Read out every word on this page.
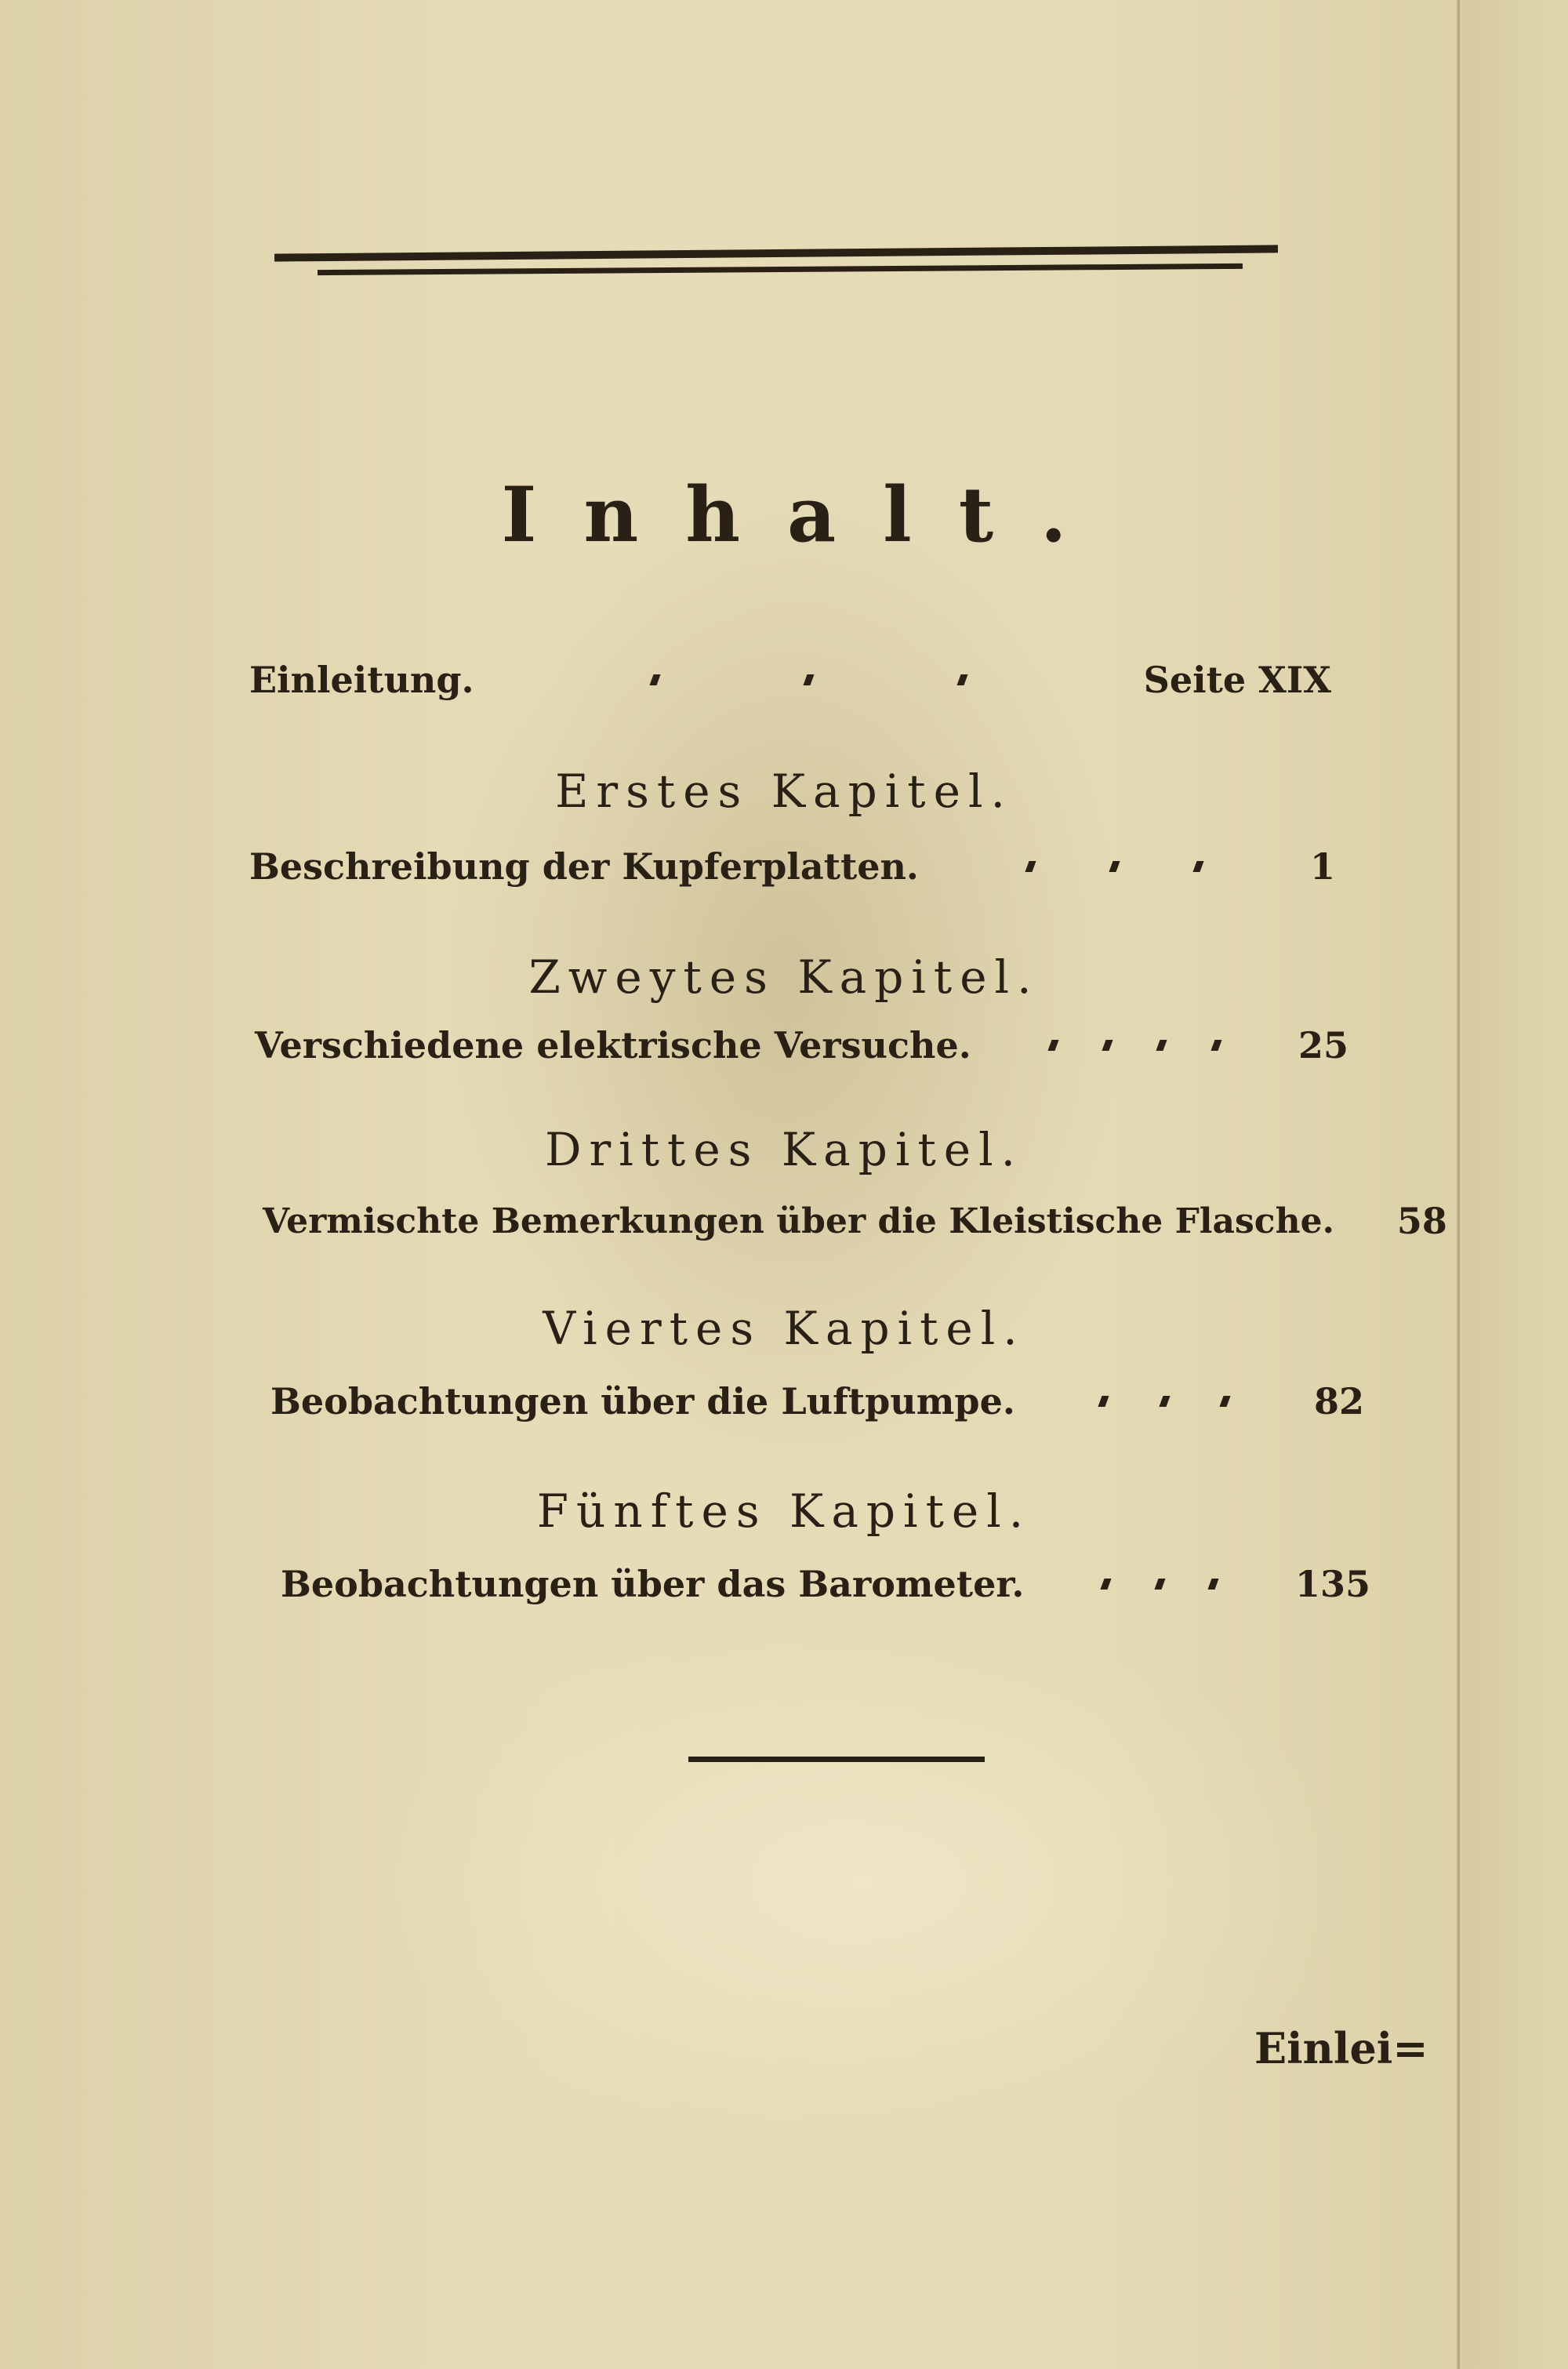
Inhalt.
Einleitung.	Seite XIX
Erstes Kapitel.
Beschreibung der Kupferplatten.	1
Zweytes Kapitel.
Verschiedene elektrische Versuche.	25
Drittes Kapitel.
Vermischte Bemerkungen über die Kleistische Flasche. 58
Viertes Kapitel.
Beobachtungen über die Luftpumpe.	82
Fünftes Kapitel.
Beobachtungen über das Barometer.	135
Einlei=
